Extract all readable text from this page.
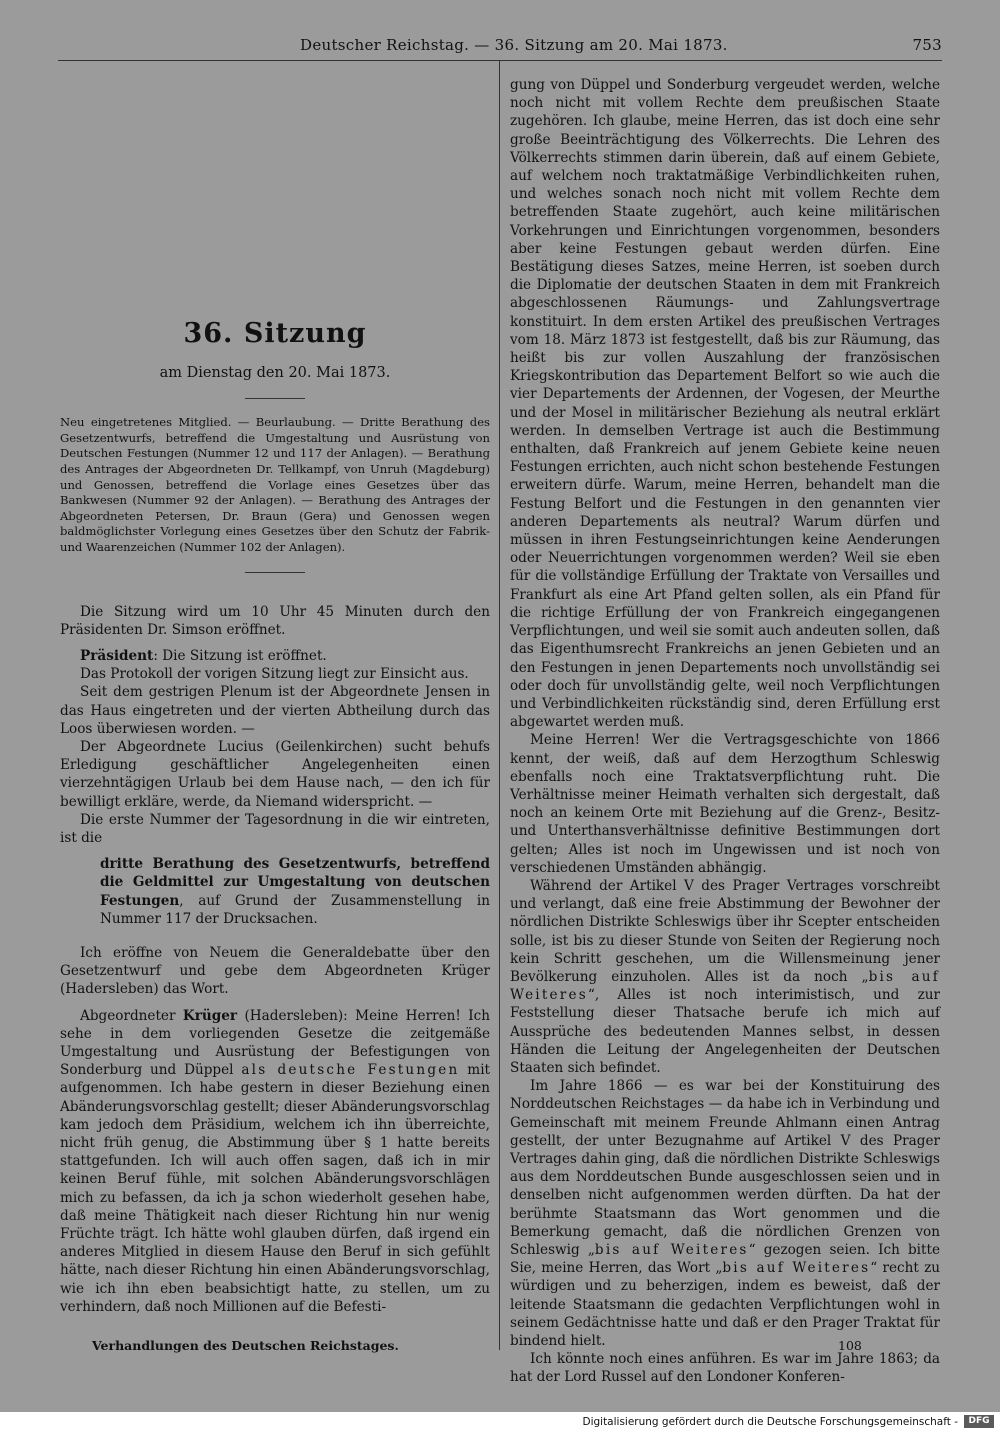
Deutscher Reichstag. — 36. Sitzung am 20. Mai 1873.	753
36. Sitzung
am Dienstag den 20. Mai 1873.

Neu eingetretenes Mitglied. — Beurlaubung. — Dritte Berathung des Gesetzentwurfs, betreffend die Umgestaltung und Ausrüstung von Deutschen Festungen (Nummer 12 und 117 der Anlagen). — Berathung des Antrages der Abgeordneten Dr. Tellkampf, von Unruh (Magdeburg) und Genossen, betreffend die Vorlage eines Gesetzes über das Bankwesen (Nummer 92 der Anlagen). — Berathung des Antrages der Abgeordneten Petersen, Dr. Braun (Gera) und Genossen wegen baldmöglichster Vorlegung eines Gesetzes über den Schutz der Fabrik- und Waarenzeichen (Nummer 102 der Anlagen).

Die Sitzung wird um 10 Uhr 45 Minuten durch den Präsidenten Dr. Simson eröffnet.

Präsident: Die Sitzung ist eröffnet.

Das Protokoll der vorigen Sitzung liegt zur Einsicht aus.

Seit dem gestrigen Plenum ist der Abgeordnete Jensen in das Haus eingetreten und der vierten Abtheilung durch das Loos überwiesen worden. —

Der Abgeordnete Lucius (Geilenkirchen) sucht behufs Erledigung geschäftlicher Angelegenheiten einen vierzehntägigen Urlaub bei dem Hause nach, — den ich für bewilligt erkläre, werde, da Niemand widerspricht. —

Die erste Nummer der Tagesordnung in die wir eintreten, ist die

dritte Berathung des Gesetzentwurfs, betreffend die Geldmittel zur Umgestaltung von deutschen Festungen, auf Grund der Zusammenstellung in Nummer 117 der Drucksachen.

Ich eröffne von Neuem die Generaldebatte über den Gesetzentwurf und gebe dem Abgeordneten Krüger (Hadersleben) das Wort.

Abgeordneter Krüger (Hadersleben): Meine Herren! Ich sehe in dem vorliegenden Gesetze die zeitgemäße Umgestaltung und Ausrüstung der Befestigungen von Sonderburg und Düppel als deutsche Festungen mit aufgenommen. Ich habe gestern in dieser Beziehung einen Abänderungsvorschlag gestellt; dieser Abänderungsvorschlag kam jedoch dem Präsidium, welchem ich ihn überreichte, nicht früh genug, die Abstimmung über § 1 hatte bereits stattgefunden. Ich will auch offen sagen, daß ich in mir keinen Beruf fühle, mit solchen Abänderungsvorschlägen mich zu befassen, da ich ja schon wiederholt gesehen habe, daß meine Thätigkeit nach dieser Richtung hin nur wenig Früchte trägt. Ich hätte wohl glauben dürfen, daß irgend ein anderes Mitglied in diesem Hause den Beruf in sich gefühlt hätte, nach dieser Richtung hin einen Abänderungsvorschlag, wie ich ihn eben beabsichtigt hatte, zu stellen, um zu verhindern, daß noch Millionen auf die Befesti-

gung von Düppel und Sonderburg vergeudet werden, welche noch nicht mit vollem Rechte dem preußischen Staate zugehören. Ich glaube, meine Herren, das ist doch eine sehr große Beeinträchtigung des Völkerrechts. Die Lehren des Völkerrechts stimmen darin überein, daß auf einem Gebiete, auf welchem noch traktatmäßige Verbindlichkeiten ruhen, und welches sonach noch nicht mit vollem Rechte dem betreffenden Staate zugehört, auch keine militärischen Vorkehrungen und Einrichtungen vorgenommen, besonders aber keine Festungen gebaut werden dürfen. Eine Bestätigung dieses Satzes, meine Herren, ist soeben durch die Diplomatie der deutschen Staaten in dem mit Frankreich abgeschlossenen Räumungs- und Zahlungsvertrage konstituirt. In dem ersten Artikel des preußischen Vertrages vom 18. März 1873 ist festgestellt, daß bis zur Räumung, das heißt bis zur vollen Auszahlung der französischen Kriegskontribution das Departement Belfort so wie auch die vier Departements der Ardennen, der Vogesen, der Meurthe und der Mosel in militärischer Beziehung als neutral erklärt werden. In demselben Vertrage ist auch die Bestimmung enthalten, daß Frankreich auf jenem Gebiete keine neuen Festungen errichten, auch nicht schon bestehende Festungen erweitern dürfe. Warum, meine Herren, behandelt man die Festung Belfort und die Festungen in den genannten vier anderen Departements als neutral? Warum dürfen und müssen in ihren Festungseinrichtungen keine Aenderungen oder Neuerrichtungen vorgenommen werden? Weil sie eben für die vollständige Erfüllung der Traktate von Versailles und Frankfurt als eine Art Pfand gelten sollen, als ein Pfand für die richtige Erfüllung der von Frankreich eingegangenen Verpflichtungen, und weil sie somit auch andeuten sollen, daß das Eigenthumsrecht Frankreichs an jenen Gebieten und an den Festungen in jenen Departements noch unvollständig sei oder doch für unvollständig gelte, weil noch Verpflichtungen und Verbindlichkeiten rückständig sind, deren Erfüllung erst abgewartet werden muß.

Meine Herren! Wer die Vertragsgeschichte von 1866 kennt, der weiß, daß auf dem Herzogthum Schleswig ebenfalls noch eine Traktatsverpflichtung ruht. Die Verhältnisse meiner Heimath verhalten sich dergestalt, daß noch an keinem Orte mit Beziehung auf die Grenz-, Besitz- und Unterthansverhältnisse definitive Bestimmungen dort gelten; Alles ist noch im Ungewissen und ist noch von verschiedenen Umständen abhängig.

Während der Artikel V des Prager Vertrages vorschreibt und verlangt, daß eine freie Abstimmung der Bewohner der nördlichen Distrikte Schleswigs über ihr Scepter entscheiden solle, ist bis zu dieser Stunde von Seiten der Regierung noch kein Schritt geschehen, um die Willensmeinung jener Bevölkerung einzuholen. Alles ist da noch „bis auf Weiteres“, Alles ist noch interimistisch, und zur Feststellung dieser Thatsache berufe ich mich auf Aussprüche des bedeutenden Mannes selbst, in dessen Händen die Leitung der Angelegenheiten der Deutschen Staaten sich befindet.

Im Jahre 1866 — es war bei der Konstituirung des Norddeutschen Reichstages — da habe ich in Verbindung und Gemeinschaft mit meinem Freunde Ahlmann einen Antrag gestellt, der unter Bezugnahme auf Artikel V des Prager Vertrages dahin ging, daß die nördlichen Distrikte Schleswigs aus dem Norddeutschen Bunde ausgeschlossen seien und in denselben nicht aufgenommen werden dürften. Da hat der berühmte Staatsmann das Wort genommen und die Bemerkung gemacht, daß die nördlichen Grenzen von Schleswig „bis auf Weiteres“ gezogen seien. Ich bitte Sie, meine Herren, das Wort „bis auf Weiteres“ recht zu würdigen und zu beherzigen, indem es beweist, daß der leitende Staatsmann die gedachten Verpflichtungen wohl in seinem Gedächtnisse hatte und daß er den Prager Traktat für bindend hielt.

Ich könnte noch eines anführen. Es war im Jahre 1863; da hat der Lord Russel auf den Londoner Konferen-

Verhandlungen des Deutschen Reichstages.	108
Digitalisierung gefördert durch die Deutsche Forschungsgemeinschaft -	DFG
